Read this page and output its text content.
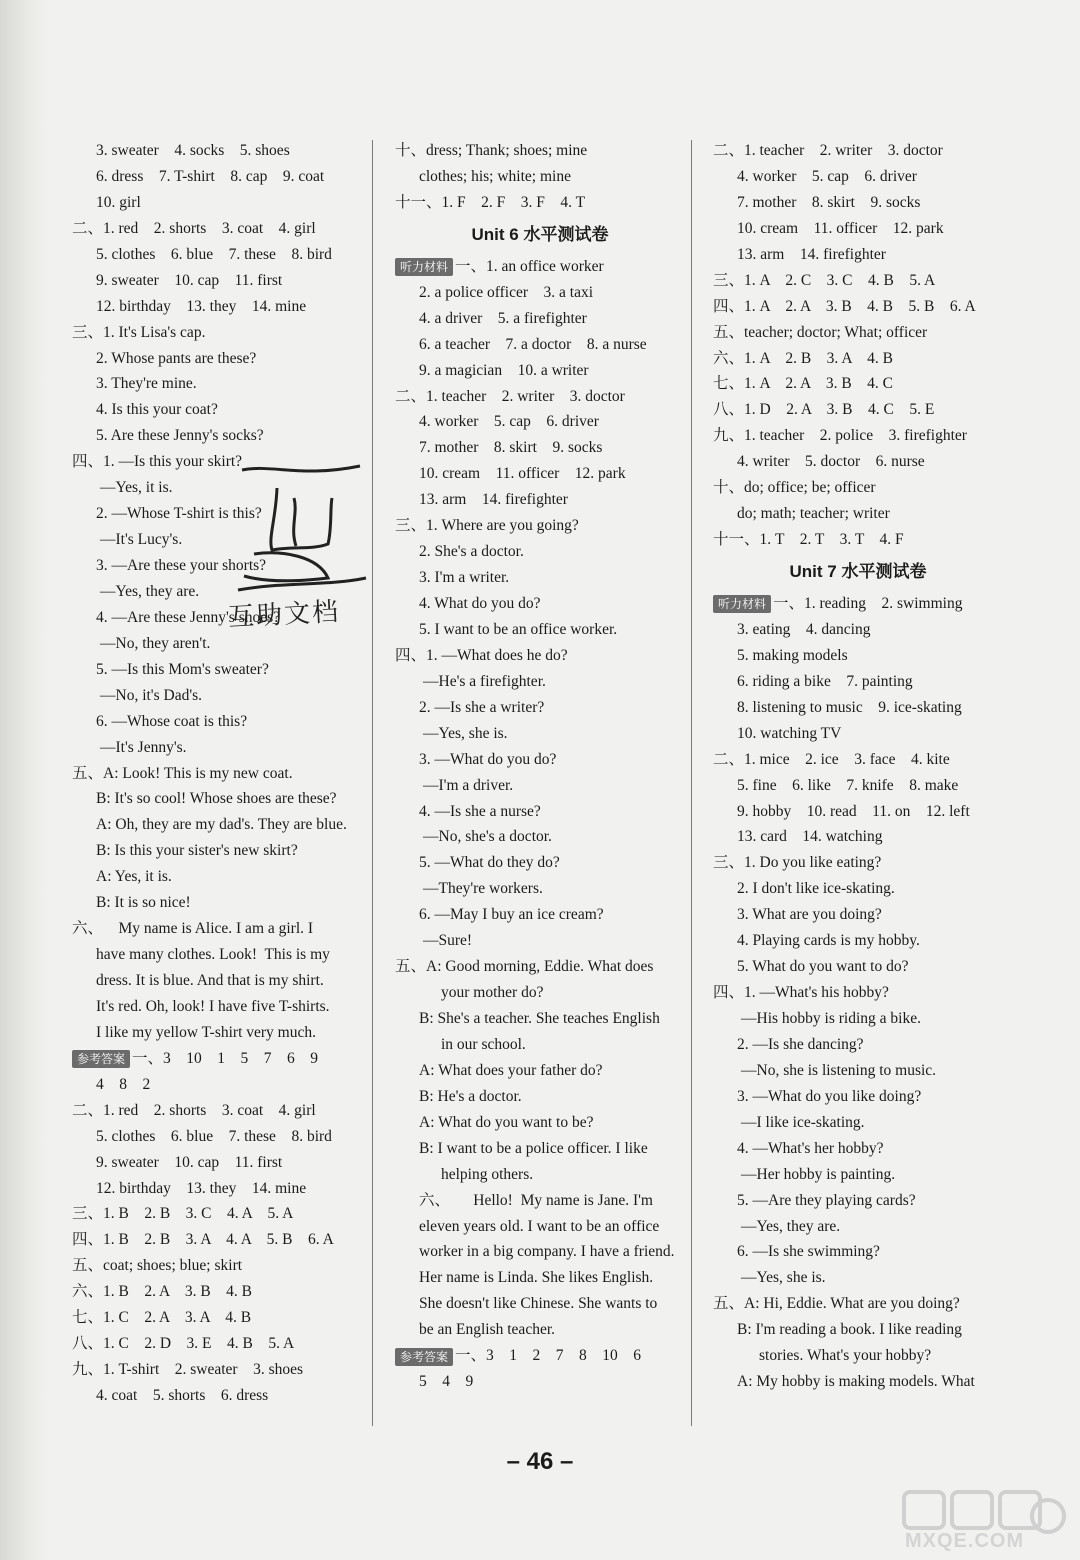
3. sweater    4. socks    5. shoes
6. dress    7. T-shirt    8. cap    9. coat
10. girl
二、1. red    2. shorts    3. coat    4. girl
5. clothes    6. blue    7. these    8. bird
9. sweater    10. cap    11. first
12. birthday    13. they    14. mine
三、1. It's Lisa's cap.
2. Whose pants are these?
3. They're mine.
4. Is this your coat?
5. Are these Jenny's socks?
四、1. —Is this your skirt?
—Yes, it is.
2. —Whose T-shirt is this?
—It's Lucy's.
3. —Are these your shorts?
—Yes, they are.
4. —Are these Jenny's shoes?
—No, they aren't.
5. —Is this Mom's sweater?
—No, it's Dad's.
6. —Whose coat is this?
—It's Jenny's.
五、A: Look! This is my new coat.
B: It's so cool! Whose shoes are these?
A: Oh, they are my dad's. They are blue.
B: Is this your sister's new skirt?
A: Yes, it is.
B: It is so nice!
六、    My name is Alice. I am a girl. I
have many clothes. Look!  This is my
dress. It is blue. And that is my shirt.
It's red. Oh, look! I have five T-shirts.
I like my yellow T-shirt very much.
参考答案 一、3    10    1    5    7    6    9
4    8    2
二、1. red    2. shorts    3. coat    4. girl
5. clothes    6. blue    7. these    8. bird
9. sweater    10. cap    11. first
12. birthday    13. they    14. mine
三、1. B    2. B    3. C    4. A    5. A
四、1. B    2. B    3. A    4. A    5. B    6. A
五、coat; shoes; blue; skirt
六、1. B    2. A    3. B    4. B
七、1. C    2. A    3. A    4. B
八、1. C    2. D    3. E    4. B    5. A
九、1. T-shirt    2. sweater    3. shoes
4. coat    5. shorts    6. dress
十、dress; Thank; shoes; mine
clothes; his; white; mine
十一、1. F    2. F    3. F    4. T
Unit 6 水平测试卷
听力材料 一、1. an office worker
2. a police officer    3. a taxi
4. a driver    5. a firefighter
6. a teacher    7. a doctor    8. a nurse
9. a magician    10. a writer
二、1. teacher    2. writer    3. doctor
4. worker    5. cap    6. driver
7. mother    8. skirt    9. socks
10. cream    11. officer    12. park
13. arm    14. firefighter
三、1. Where are you going?
2. She's a doctor.
3. I'm a writer.
4. What do you do?
5. I want to be an office worker.
四、1. —What does he do?
—He's a firefighter.
2. —Is she a writer?
—Yes, she is.
3. —What do you do?
—I'm a driver.
4. —Is she a nurse?
—No, she's a doctor.
5. —What do they do?
—They're workers.
6. —May I buy an ice cream?
—Sure!
五、A: Good morning, Eddie. What does
your mother do?
B: She's a teacher. She teaches English
in our school.
A: What does your father do?
B: He's a doctor.
A: What do you want to be?
B: I want to be a police officer. I like
helping others.
六、      Hello!  My name is Jane. I'm
eleven years old. I want to be an office
worker in a big company. I have a friend.
Her name is Linda. She likes English.
She doesn't like Chinese. She wants to
be an English teacher.
参考答案 一、3    1    2    7    8    10    6
5    4    9
二、1. teacher    2. writer    3. doctor
4. worker    5. cap    6. driver
7. mother    8. skirt    9. socks
10. cream    11. officer    12. park
13. arm    14. firefighter
三、1. A    2. C    3. C    4. B    5. A
四、1. A    2. A    3. B    4. B    5. B    6. A
五、teacher; doctor; What; officer
六、1. A    2. B    3. A    4. B
七、1. A    2. A    3. B    4. C
八、1. D    2. A    3. B    4. C    5. E
九、1. teacher    2. police    3. firefighter
4. writer    5. doctor    6. nurse
十、do; office; be; officer
do; math; teacher; writer
十一、1. T    2. T    3. T    4. F
Unit 7 水平测试卷
听力材料 一、1. reading    2. swimming
3. eating    4. dancing
5. making models
6. riding a bike    7. painting
8. listening to music    9. ice-skating
10. watching TV
二、1. mice    2. ice    3. face    4. kite
5. fine    6. like    7. knife    8. make
9. hobby    10. read    11. on    12. left
13. card    14. watching
三、1. Do you like eating?
2. I don't like ice-skating.
3. What are you doing?
4. Playing cards is my hobby.
5. What do you want to do?
四、1. —What's his hobby?
—His hobby is riding a bike.
2. —Is she dancing?
—No, she is listening to music.
3. —What do you like doing?
—I like ice-skating.
4. —What's her hobby?
—Her hobby is painting.
5. —Are they playing cards?
—Yes, they are.
6. —Is she swimming?
—Yes, she is.
五、A: Hi, Eddie. What are you doing?
B: I'm reading a book. I like reading
stories. What's your hobby?
A: My hobby is making models. What
互助文档
– 46 –
MXQE.COM
